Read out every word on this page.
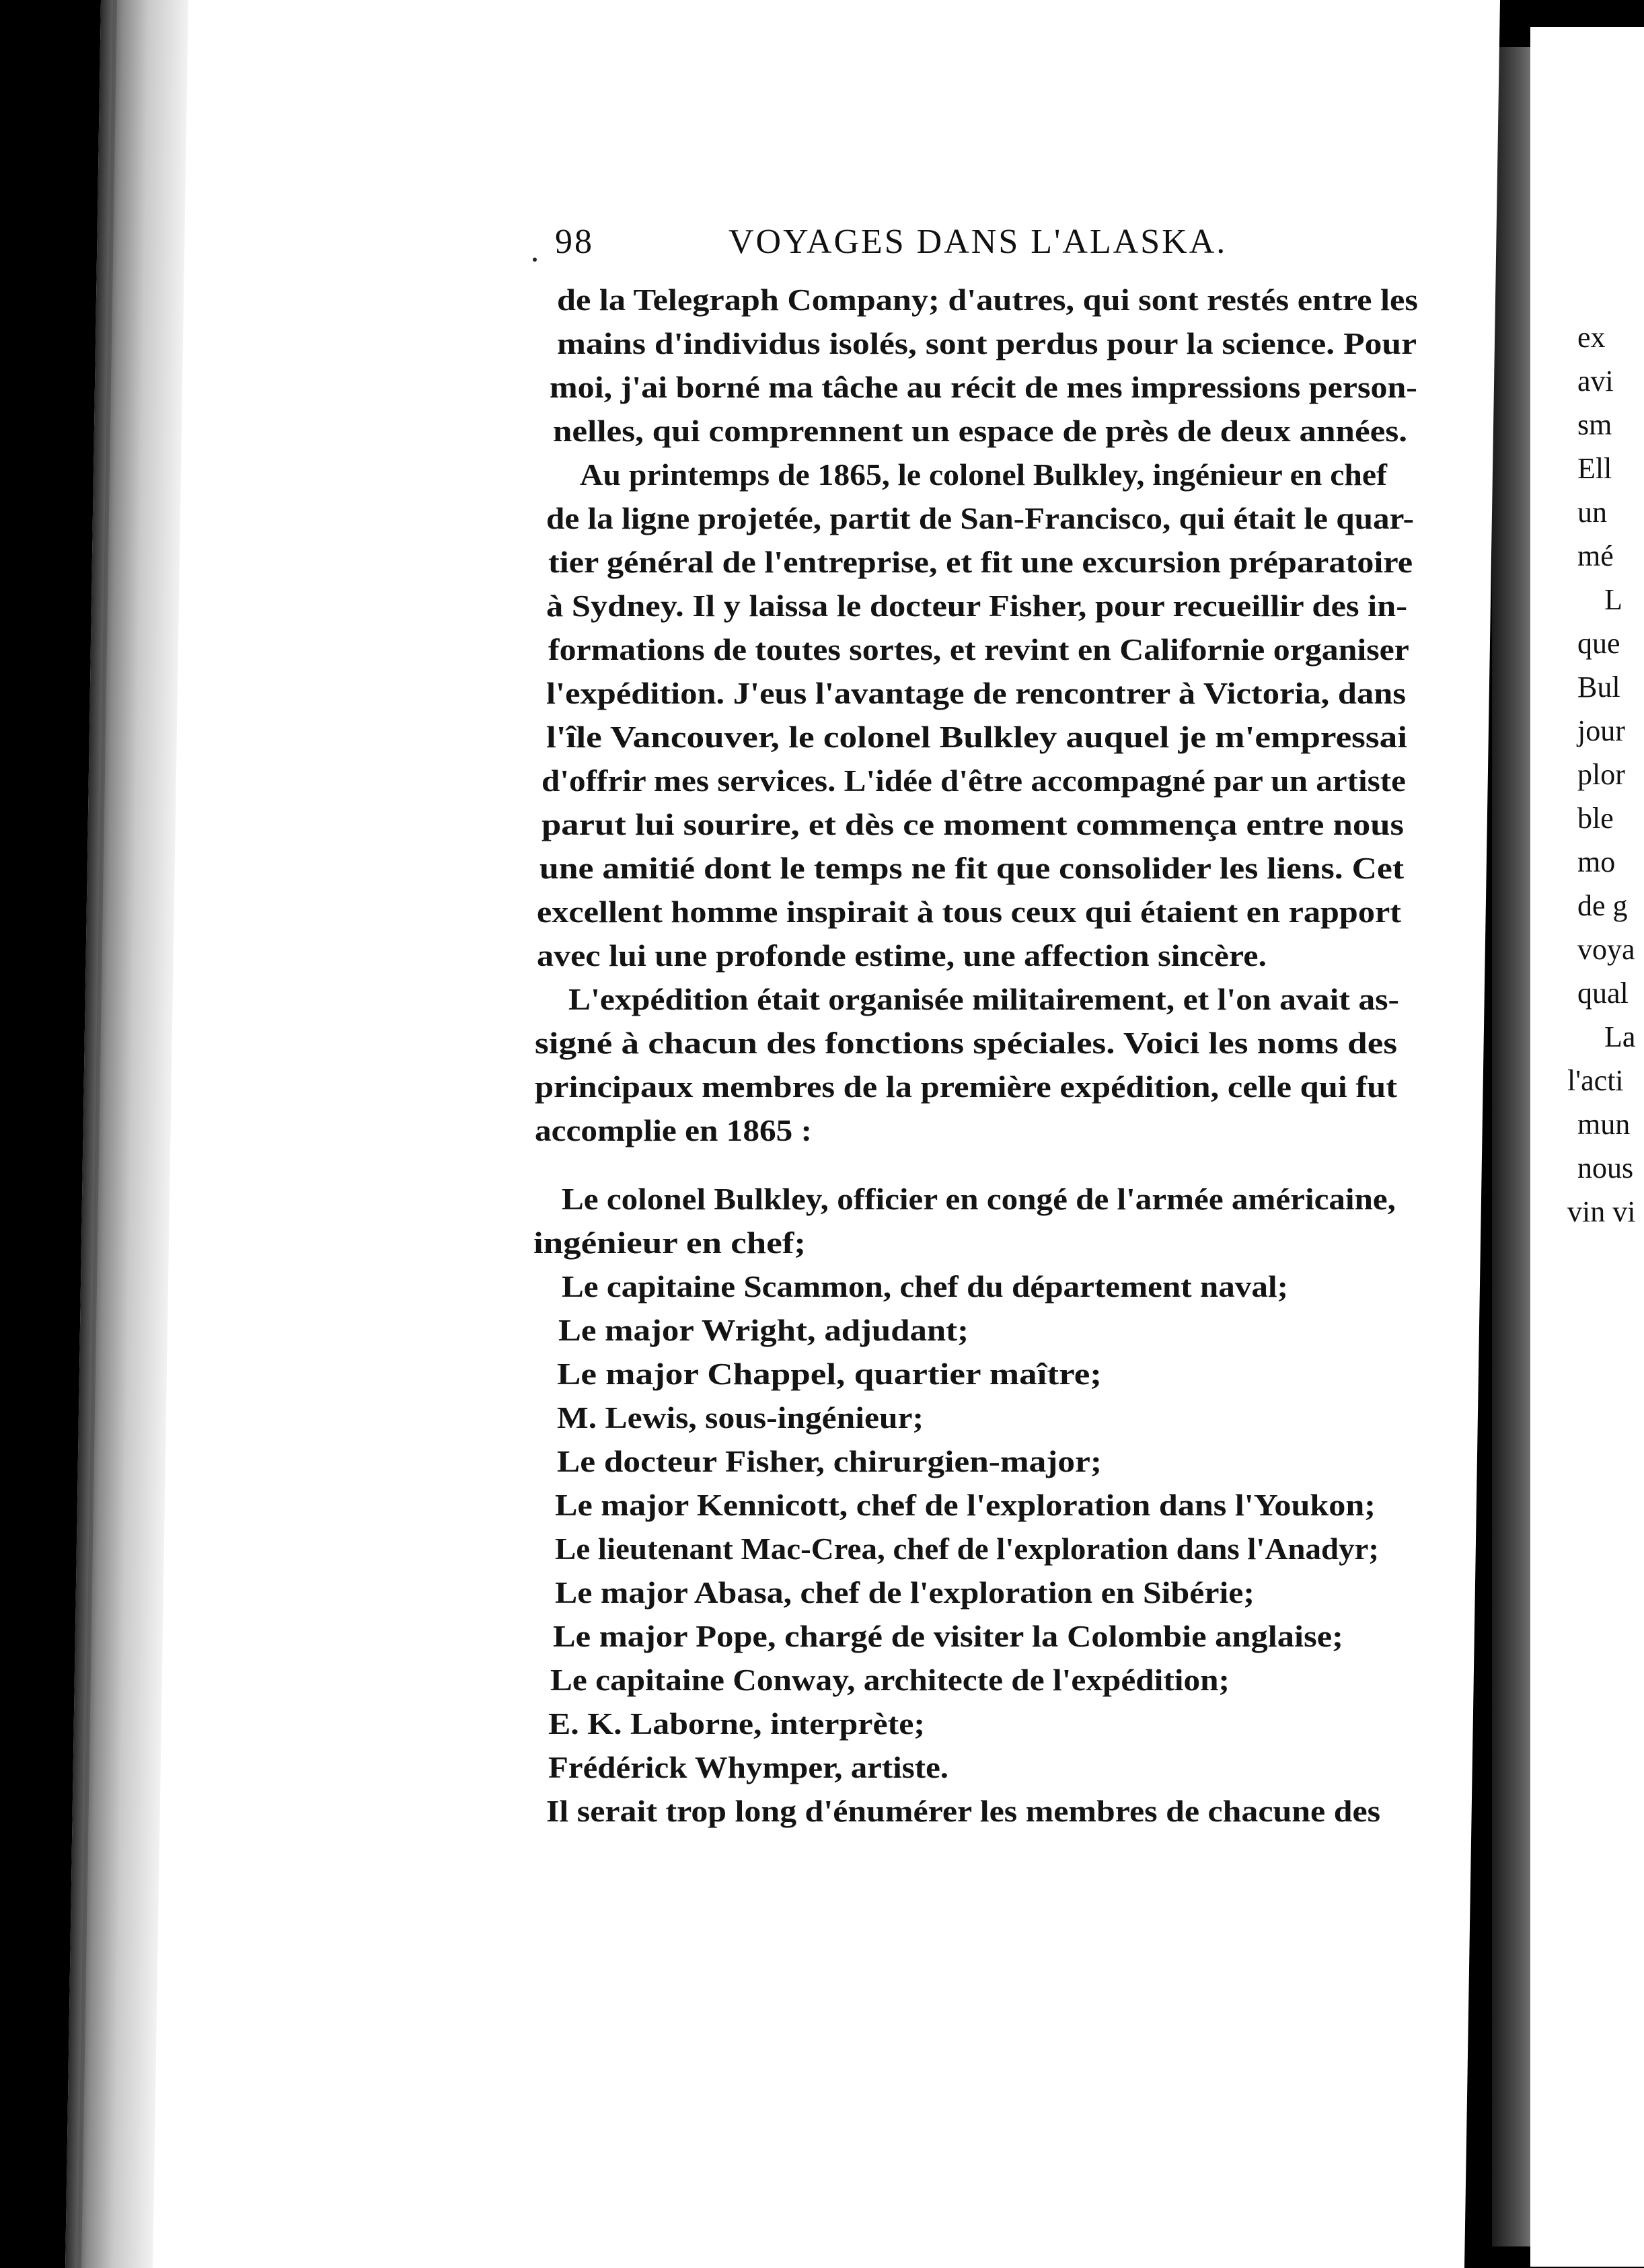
ex
avi
sm
Ell
un
mé
L
que
Bul
jour
plor
ble
mo
de g
voya
qual
La
l'acti
mun
nous
vin vi
98	VOYAGES DANS L'ALASKA.
de la Telegraph Company; d'autres, qui sont restés entre les
mains d'individus isolés, sont perdus pour la science. Pour
moi, j'ai borné ma tâche au récit de mes impressions person-
nelles, qui comprennent un espace de près de deux années.
Au printemps de 1865, le colonel Bulkley, ingénieur en chef
de la ligne projetée, partit de San-Francisco, qui était le quar-
tier général de l'entreprise, et fit une excursion préparatoire
à Sydney. Il y laissa le docteur Fisher, pour recueillir des in-
formations de toutes sortes, et revint en Californie organiser
l'expédition. J'eus l'avantage de rencontrer à Victoria, dans
l'île Vancouver, le colonel Bulkley auquel je m'empressai
d'offrir mes services. L'idée d'être accompagné par un artiste
parut lui sourire, et dès ce moment commença entre nous
une amitié dont le temps ne fit que consolider les liens. Cet
excellent homme inspirait à tous ceux qui étaient en rapport
avec lui une profonde estime, une affection sincère.
L'expédition était organisée militairement, et l'on avait as-
signé à chacun des fonctions spéciales. Voici les noms des
principaux membres de la première expédition, celle qui fut
accomplie en 1865 :
Le colonel Bulkley, officier en congé de l'armée américaine,
ingénieur en chef;
Le capitaine Scammon, chef du département naval;
Le major Wright, adjudant;
Le major Chappel, quartier maître;
M. Lewis, sous-ingénieur;
Le docteur Fisher, chirurgien-major;
Le major Kennicott, chef de l'exploration dans l'Youkon;
Le lieutenant Mac-Crea, chef de l'exploration dans l'Anadyr;
Le major Abasa, chef de l'exploration en Sibérie;
Le major Pope, chargé de visiter la Colombie anglaise;
Le capitaine Conway, architecte de l'expédition;
E. K. Laborne, interprète;
Frédérick Whymper, artiste.
Il serait trop long d'énumérer les membres de chacune des
